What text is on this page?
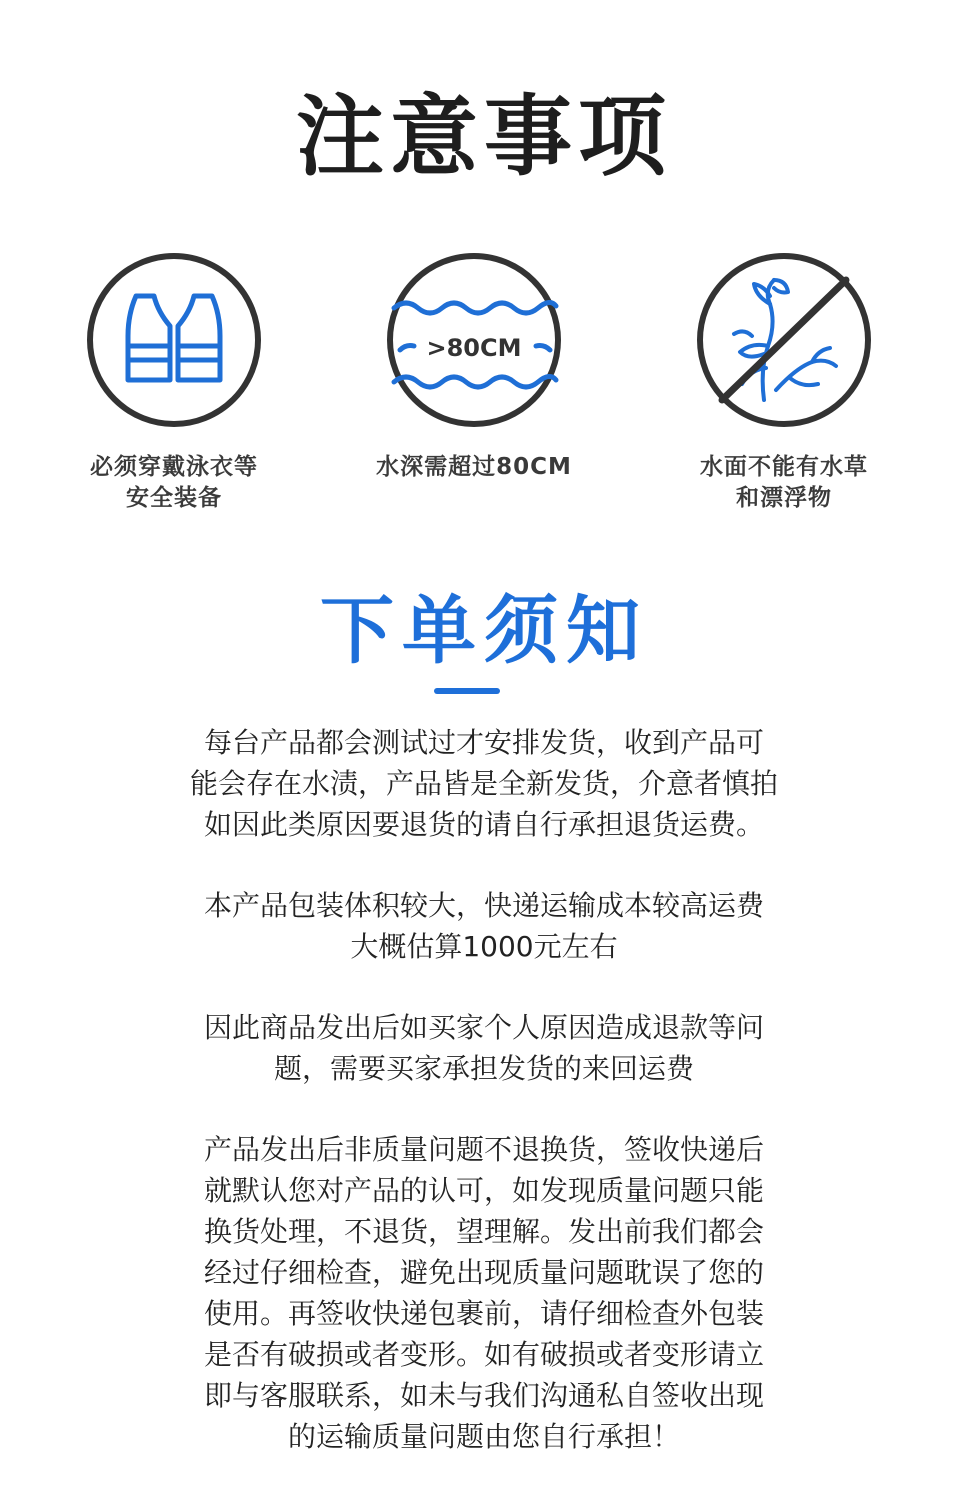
注意事项
必须穿戴泳衣等
安全装备
>80CM
水深需超过80CM	水面不能有水草
和漂浮物
下单须知
每台产品都会测试过才安排发货，收到产品可
能会存在水渍，产品皆是全新发货，介意者慎拍
如因此类原因要退货的请自行承担退货运费。
本产品包装体积较大，快递运输成本较高运费
大概估算1000元左右
因此商品发出后如买家个人原因造成退款等问
题，需要买家承担发货的来回运费
产品发出后非质量问题不退换货，签收快递后
就默认您对产品的认可，如发现质量问题只能
换货处理，不退货，望理解。发出前我们都会
经过仔细检查，避免出现质量问题耽误了您的
使用。再签收快递包裹前，请仔细检查外包装
是否有破损或者变形。如有破损或者变形请立
即与客服联系，如未与我们沟通私自签收出现
的运输质量问题由您自行承担！
